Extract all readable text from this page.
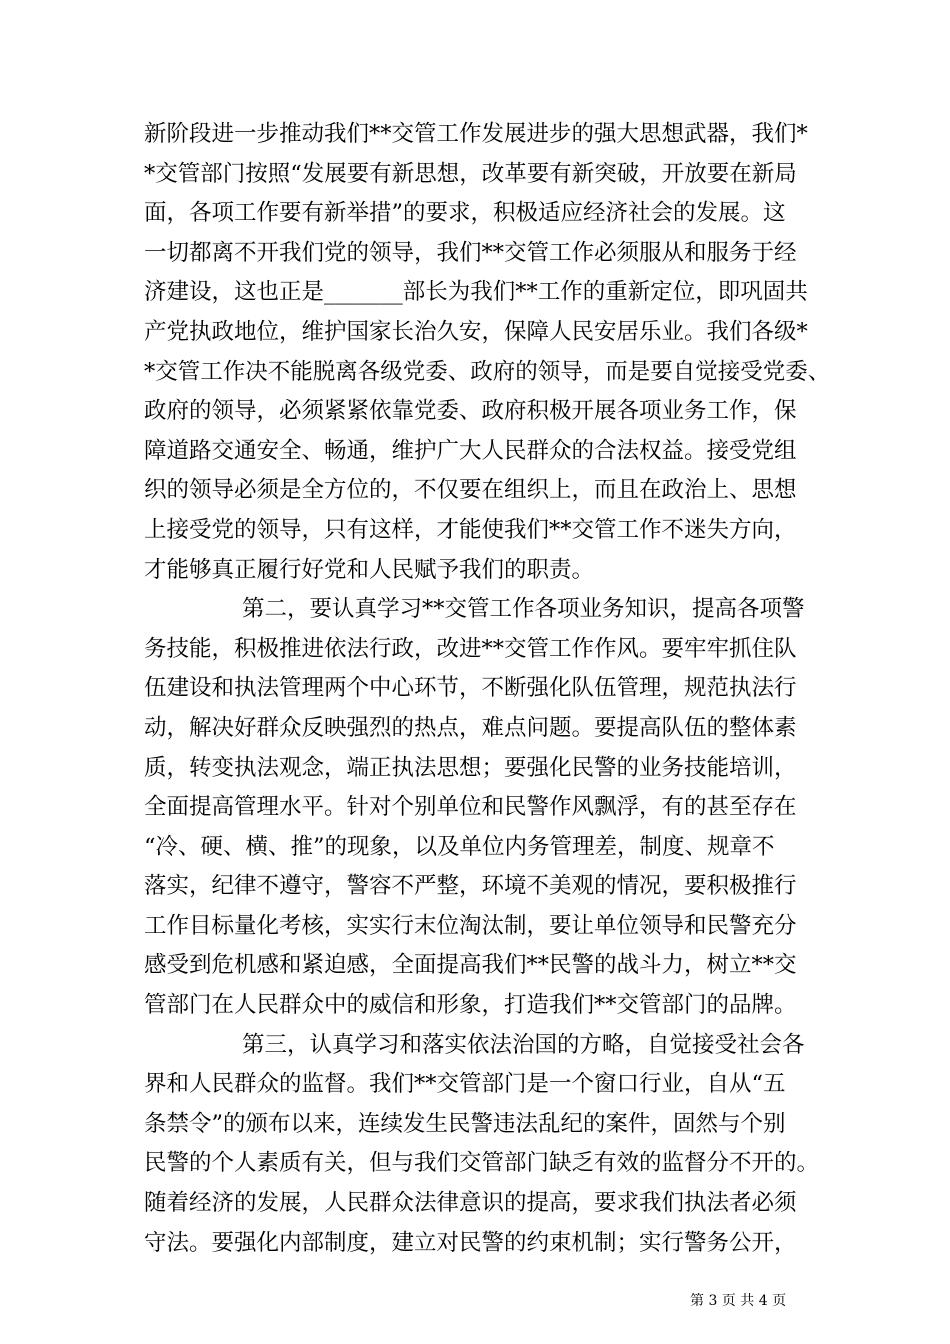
新阶段进一步推动我们**交管工作发展进步的强大思想武器，我们*
*交管部门按照“发展要有新思想，改革要有新突破，开放要在新局
面，各项工作要有新举措”的要求，积极适应经济社会的发展。这
一切都离不开我们党的领导，我们**交管工作必须服从和服务于经
济建设，这也正是_______部长为我们**工作的重新定位，即巩固共
产党执政地位，维护国家长治久安，保障人民安居乐业。我们各级*
*交管工作决不能脱离各级党委、政府的领导，而是要自觉接受党委、
政府的领导，必须紧紧依靠党委、政府积极开展各项业务工作，保
障道路交通安全、畅通，维护广大人民群众的合法权益。接受党组
织的领导必须是全方位的，不仅要在组织上，而且在政治上、思想
上接受党的领导，只有这样，才能使我们**交管工作不迷失方向，
才能够真正履行好党和人民赋予我们的职责。
第二，要认真学习**交管工作各项业务知识，提高各项警
务技能，积极推进依法行政，改进**交管工作作风。要牢牢抓住队
伍建设和执法管理两个中心环节，不断强化队伍管理，规范执法行
动，解决好群众反映强烈的热点，难点问题。要提高队伍的整体素
质，转变执法观念，端正执法思想；要强化民警的业务技能培训，
全面提高管理水平。针对个别单位和民警作风飘浮，有的甚至存在
“冷、硬、横、推”的现象，以及单位内务管理差，制度、规章不
落实，纪律不遵守，警容不严整，环境不美观的情况，要积极推行
工作目标量化考核，实实行末位淘汰制，要让单位领导和民警充分
感受到危机感和紧迫感，全面提高我们**民警的战斗力，树立**交
管部门在人民群众中的威信和形象，打造我们**交管部门的品牌。
第三，认真学习和落实依法治国的方略，自觉接受社会各
界和人民群众的监督。我们**交管部门是一个窗口行业，自从“五
条禁令”的颁布以来，连续发生民警违法乱纪的案件，固然与个别
民警的个人素质有关，但与我们交管部门缺乏有效的监督分不开的。
随着经济的发展，人民群众法律意识的提高，要求我们执法者必须
守法。要强化内部制度，建立对民警的约束机制；实行警务公开，
第 3 页 共 4 页
